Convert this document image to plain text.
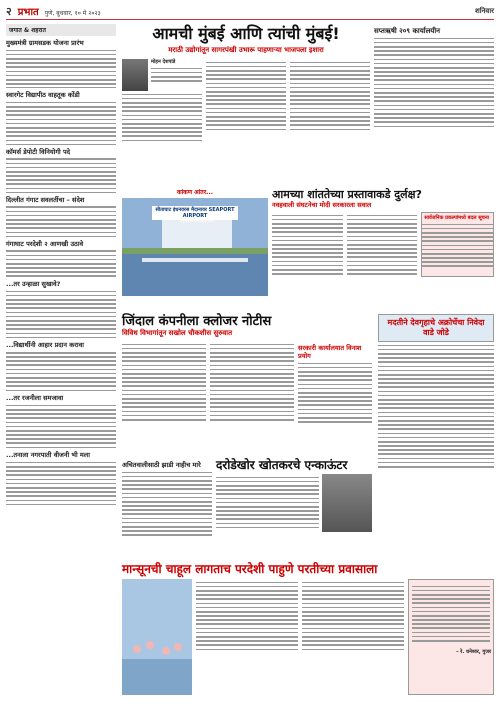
२ प्रभात पुणे, बुधवार, १० मे २०२३	शनिवार
जगात & शहरात
मुख्यमंत्री ग्रामसडक योजना प्रारंभ
स्वारगेट विद्यापीठ वाहतूक कोंडी
कॉमर्स डेपोटी विनियोगी पदे
दिल्लीत गंगाट सवलतींचा – संदेश
गंगाघाट परदेशी २ आणखी उठावे
...तर उन्हाळा सुखावे?
...विद्यार्थीनी आहार प्रदान करावा
...तर रजनीला समजावा
...तनाला नगरपाती वीजनी भी मला
आमची मुंबई आणि त्यांची मुंबई!
मराठी उद्योगांतून सागरपंखी उभारू पाहणाऱ्या भाजपला इशारा
मोहन देशपांडे
सप्तऋषी २०९ कार्यालयीन
कांकण आंतर...
सीताघाट इंधनवरस मैदानावर SEAPORT AIRPORT
आमच्या शांततेच्या प्रस्तावाकडे दुर्लक्ष?
नवहवाली संघटनेचा मोदी सरकारला सवाल
सार्वजनिक प्रकल्पांमध्ये बदल सूचना
जिंदाल कंपनीला क्लोजर नोटीस
विविध विभागांतून सखोल चौकशीस सुरुवात
सरकारी कार्यालयात विनाश प्रयोग
मदतीने देवगृहाचे अक्रोर्चेचा निवेदा वाडे जोडे
अचितवालीसाठी झाडी नाहीच मारे	दरोडेखोर खोतकरचे एन्काऊंटर
मान्सूनची चाहूल लागताच परदेशी पाहुणे परतीच्या प्रवासाला
– रे. धनेश्वर, गुजर
